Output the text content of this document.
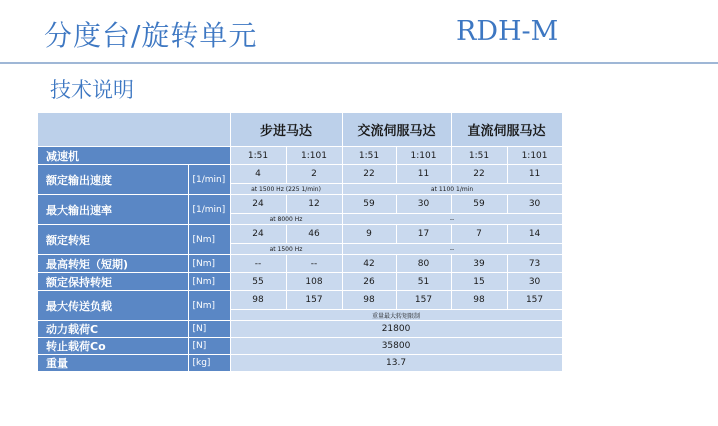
分度台/旋转单元	RDH-M
技术说明
		步进马达		交流伺服马达		直流伺服马达	
减速机		1:51	1:101	1:51	1:101	1:51	1:101
额定输出速度	[1/min]	4	2	22	11	22	11
		at 1500 Hz (225 1/min)		at 1100 1/min			
最大输出速率	[1/min]	24	12	59	30	59	30
		at 8000 Hz		--			
额定转矩	[Nm]	24	46	9	17	7	14
		at 1500 Hz		--			
最高转矩（短期)	[Nm]	--	--	42	80	39	73
额定保持转矩	[Nm]	55	108	26	51	15	30
最大传送负载	[Nm]	98	157	98	157	98	157
		重量最大转矩限制					
动力载荷C	[N]	21800					
转止载荷Co	[N]	35800					
重量	[kg]	13.7					
